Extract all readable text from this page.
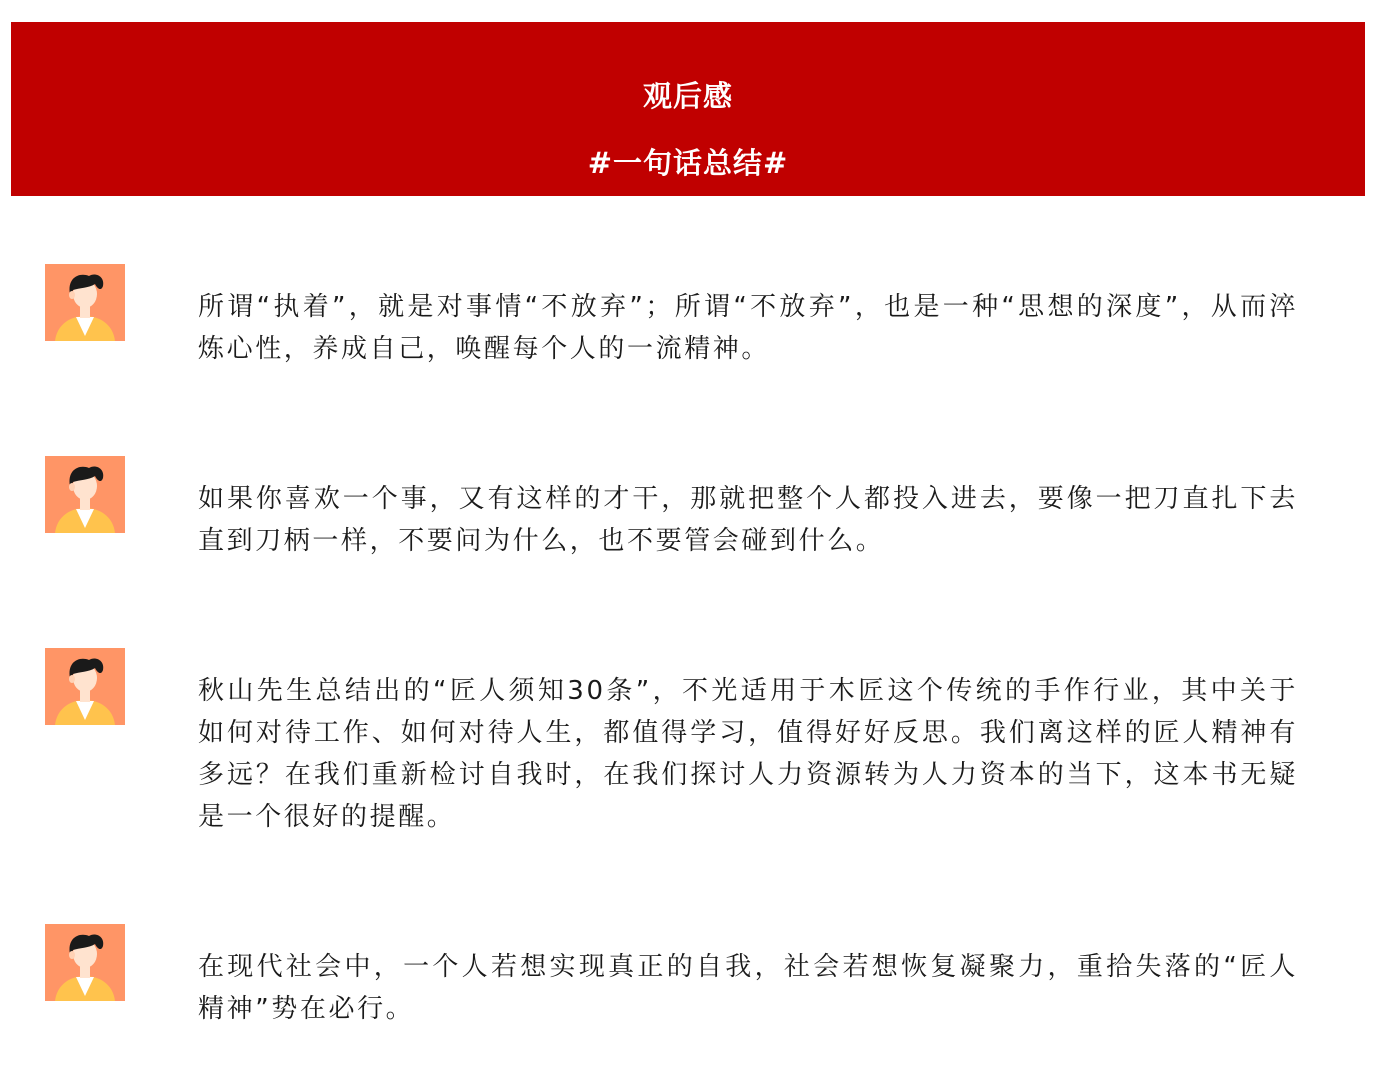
观后感
#一句话总结#

所谓“执着”，就是对事情“不放弃”；所谓“不放弃”，也是一种“思想的深度”，从而淬炼心性，养成自己，唤醒每个人的一流精神。

如果你喜欢一个事，又有这样的才干，那就把整个人都投入进去，要像一把刀直扎下去直到刀柄一样，不要问为什么，也不要管会碰到什么。

秋山先生总结出的“匠人须知30条”，不光适用于木匠这个传统的手作行业，其中关于如何对待工作、如何对待人生，都值得学习，值得好好反思。我们离这样的匠人精神有多远？在我们重新检讨自我时，在我们探讨人力资源转为人力资本的当下，这本书无疑是一个很好的提醒。

在现代社会中，一个人若想实现真正的自我，社会若想恢复凝聚力，重拾失落的“匠人精神”势在必行。
